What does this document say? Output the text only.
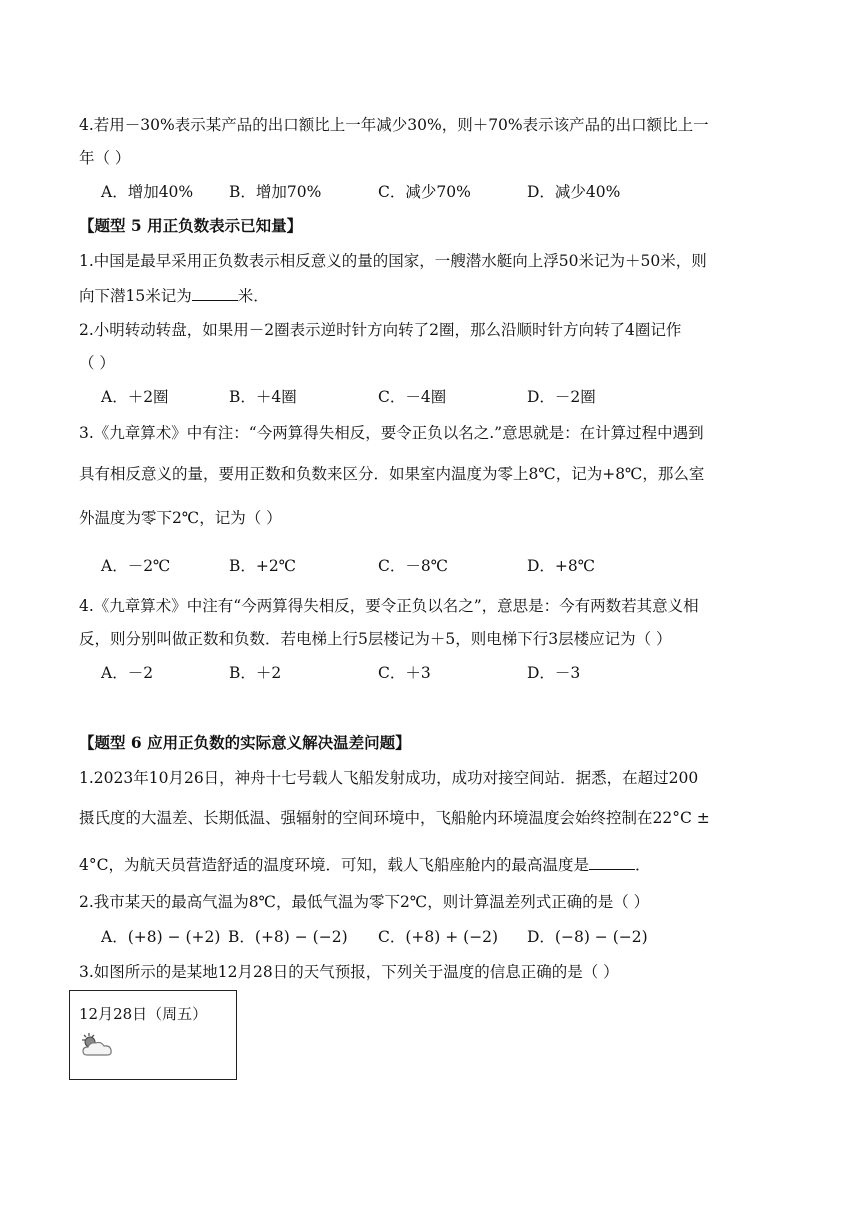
4.若用－30%表示某产品的出口额比上一年减少30%，则＋70%表示该产品的出口额比上一
年（ ）
A．增加40% B．增加70%	C．减少70%	D．减少40%
【题型 5 用正负数表示已知量】
1.中国是最早采用正负数表示相反意义的量的国家，一艘潜水艇向上浮50米记为＋50米，则
向下潜15米记为	米．
2.小明转动转盘，如果用－2圈表示逆时针方向转了2圈，那么沿顺时针方向转了4圈记作
（ ）
A．＋2圈	B．＋4圈	C．－4圈	D．－2圈
3.《九章算术》中有注：“今两算得失相反，要令正负以名之.”意思就是：在计算过程中遇到
具有相反意义的量，要用正数和负数来区分．如果室内温度为零上8℃，记为+8℃，那么室
外温度为零下2℃，记为（ ）
A．－2℃	B．+2℃	C．－8℃	D．+8℃
4.《九章算术》中注有“今两算得失相反，要令正负以名之”，意思是：今有两数若其意义相
反，则分别叫做正数和负数．若电梯上行5层楼记为＋5，则电梯下行3层楼应记为（ ）
A．－2	B．＋2	C．＋3	D．－3
【题型 6 应用正负数的实际意义解决温差问题】
1.2023年10月26日，神舟十七号载人飞船发射成功，成功对接空间站．据悉，在超过200
摄氏度的大温差、长期低温、强辐射的空间环境中，飞船舱内环境温度会始终控制在22°C ±
4°C，为航天员营造舒适的温度环境．可知，载人飞船座舱内的最高温度是	．
2.我市某天的最高气温为8℃，最低气温为零下2℃，则计算温差列式正确的是（ ）
A．(+8) − (+2) B．(+8) − (−2) C．(+8) + (−2) D．(−8) − (−2)
3.如图所示的是某地12月28日的天气预报，下列关于温度的信息正确的是（ ）
12月28日（周五）
